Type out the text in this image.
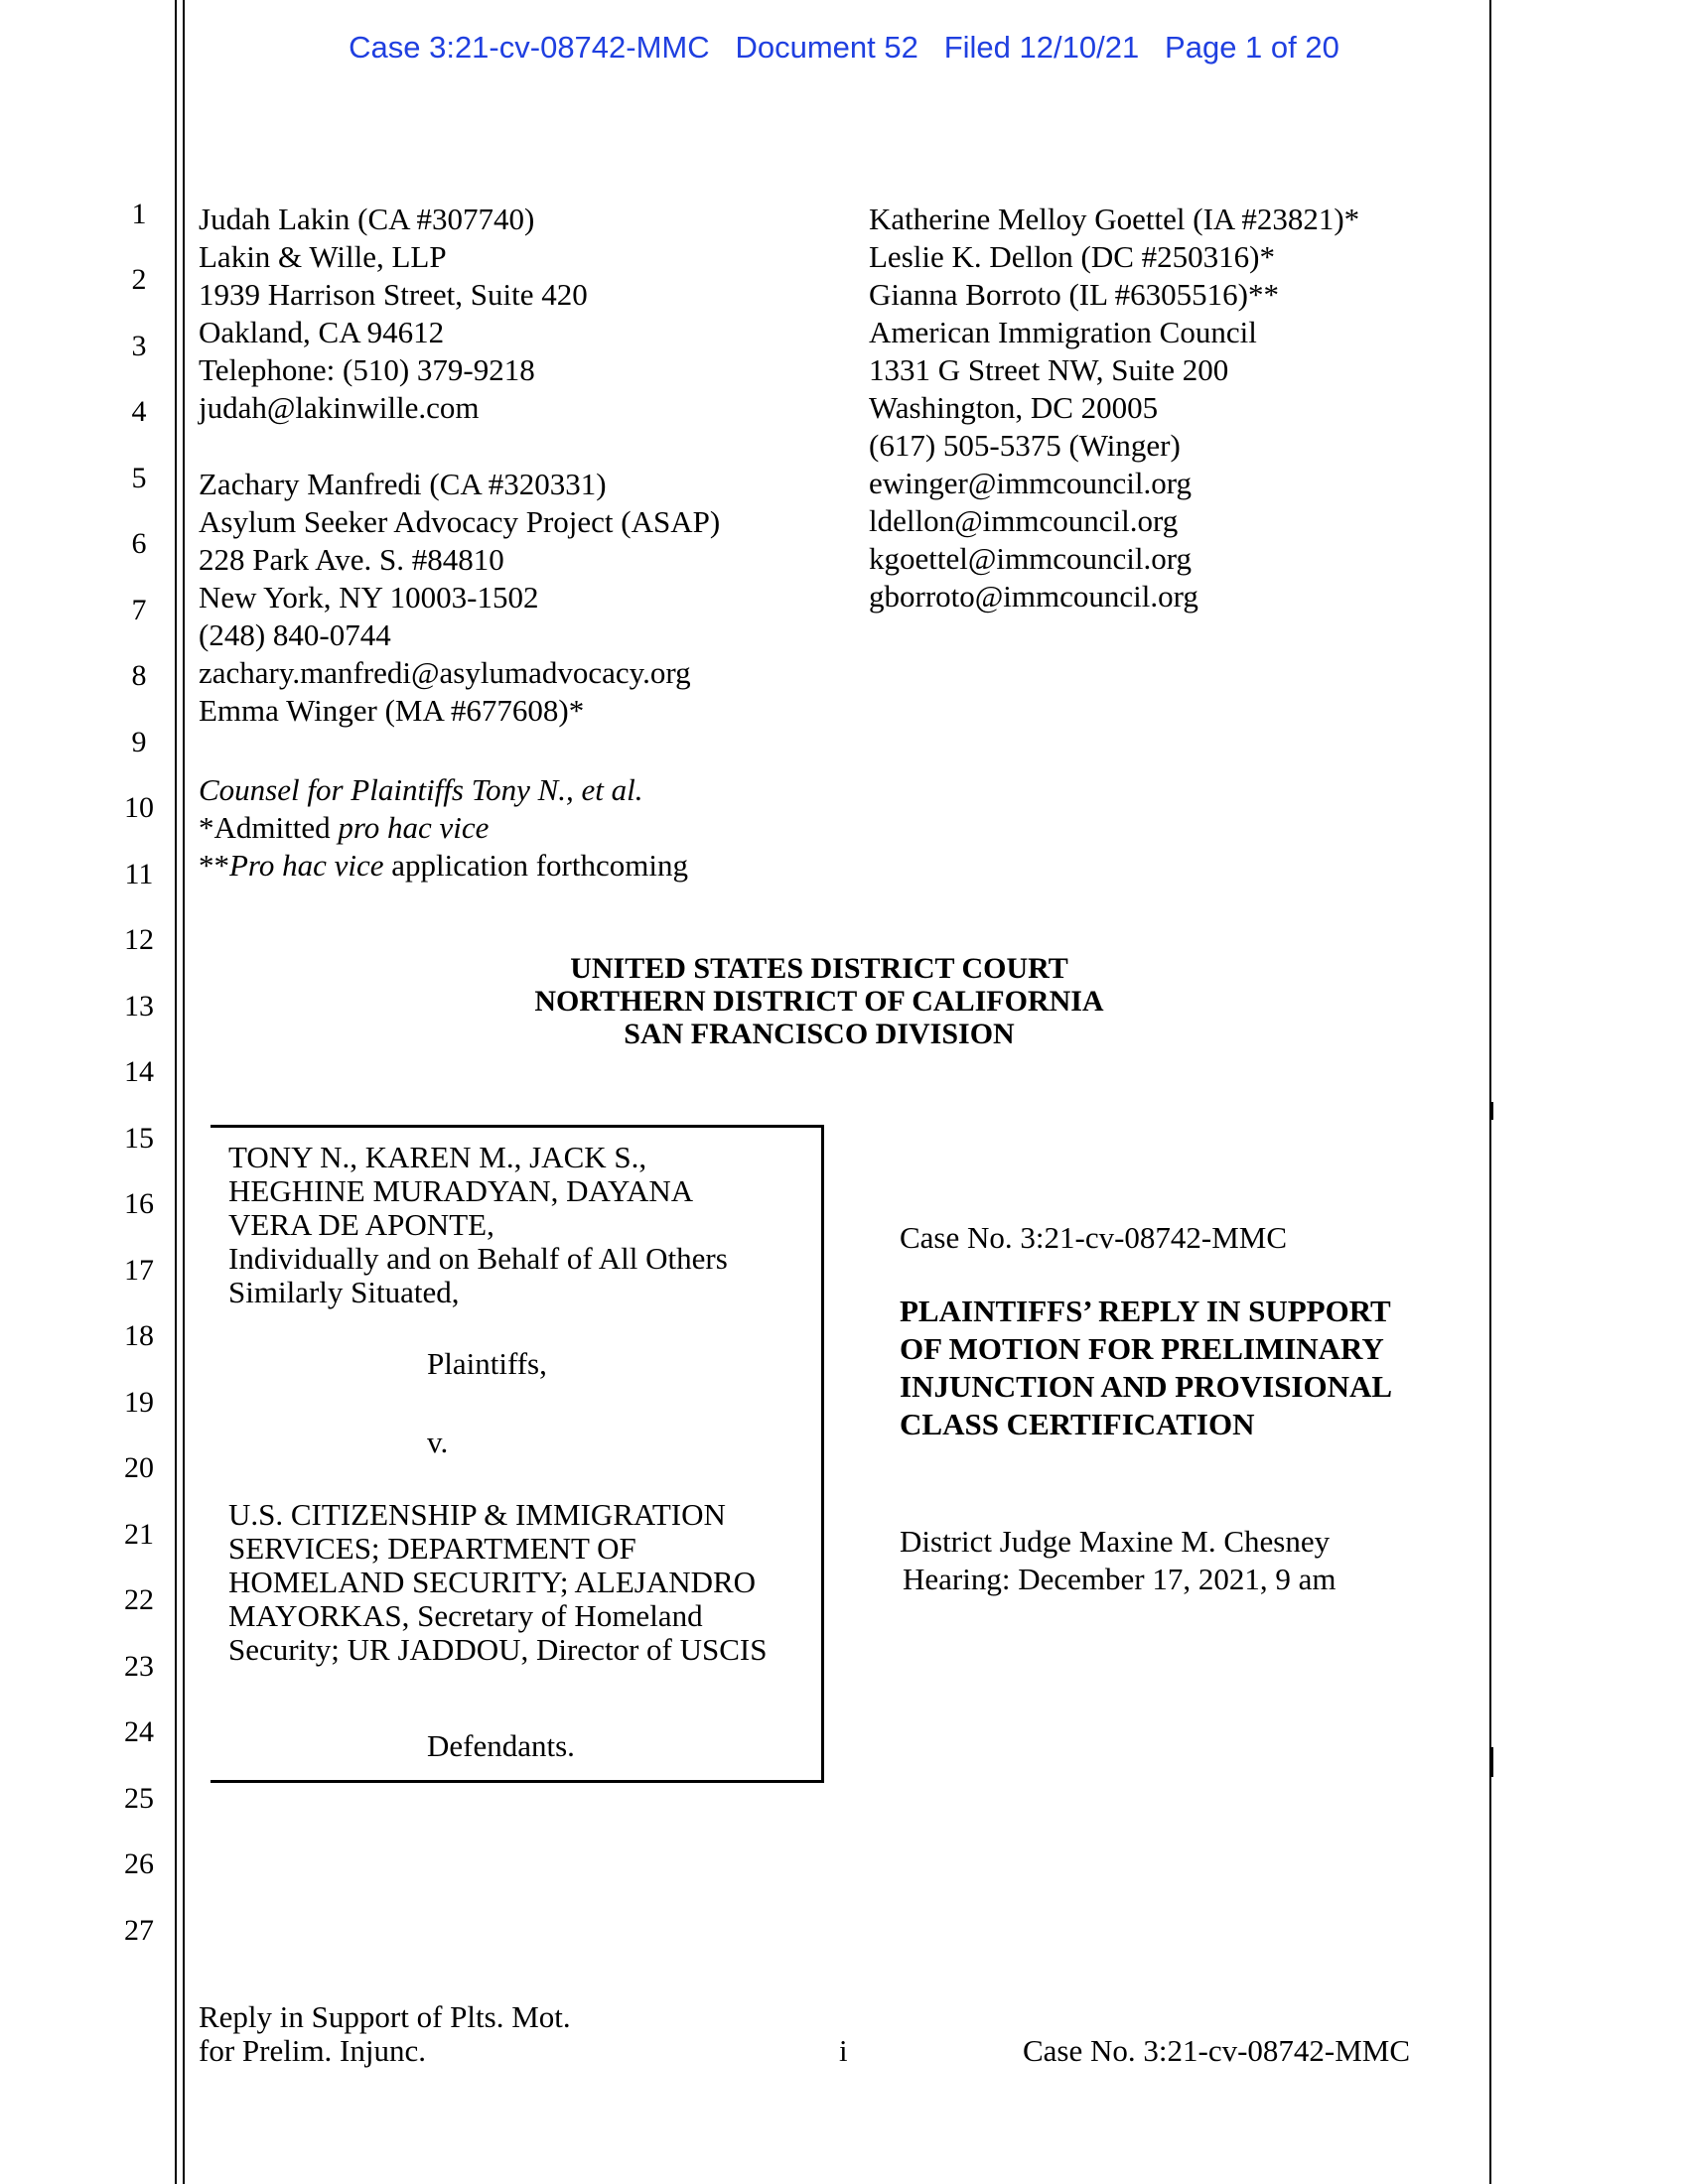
Case 3:21-cv-08742-MMC Document 52 Filed 12/10/21 Page 1 of 20
1
2
3
4
5
6
7
8
9
10
11
12
13
14
15
16
17
18
19
20
21
22
23
24
25
26
27
Judah Lakin (CA #307740)
Lakin & Wille, LLP
1939 Harrison Street, Suite 420
Oakland, CA 94612
Telephone: (510) 379-9218
judah@lakinwille.com
Zachary Manfredi (CA #320331)
Asylum Seeker Advocacy Project (ASAP)
228 Park Ave. S. #84810
New York, NY 10003-1502
(248) 840-0744
zachary.manfredi@asylumadvocacy.org
Emma Winger (MA #677608)*
Katherine Melloy Goettel (IA #23821)*
Leslie K. Dellon (DC #250316)*
Gianna Borroto (IL #6305516)**
American Immigration Council
1331 G Street NW, Suite 200
Washington, DC 20005
(617) 505-5375 (Winger)
ewinger@immcouncil.org
ldellon@immcouncil.org
kgoettel@immcouncil.org
gborroto@immcouncil.org
Counsel for Plaintiffs Tony N., et al.
*Admitted pro hac vice
**Pro hac vice application forthcoming
UNITED STATES DISTRICT COURT
NORTHERN DISTRICT OF CALIFORNIA
SAN FRANCISCO DIVISION
TONY N., KAREN M., JACK S.,
HEGHINE MURADYAN, DAYANA
VERA DE APONTE,
Individually and on Behalf of All Others
Similarly Situated,
Plaintiffs,
v.
U.S. CITIZENSHIP & IMMIGRATION
SERVICES; DEPARTMENT OF
HOMELAND SECURITY; ALEJANDRO
MAYORKAS, Secretary of Homeland
Security; UR JADDOU, Director of USCIS
Defendants.
Case No. 3:21-cv-08742-MMC
PLAINTIFFS’ REPLY IN SUPPORT
OF MOTION FOR PRELIMINARY
INJUNCTION AND PROVISIONAL
CLASS CERTIFICATION
District Judge Maxine M. Chesney
Hearing: December 17, 2021, 9 am
Reply in Support of Plts. Mot.
for Prelim. Injunc.	i	Case No. 3:21-cv-08742-MMC
